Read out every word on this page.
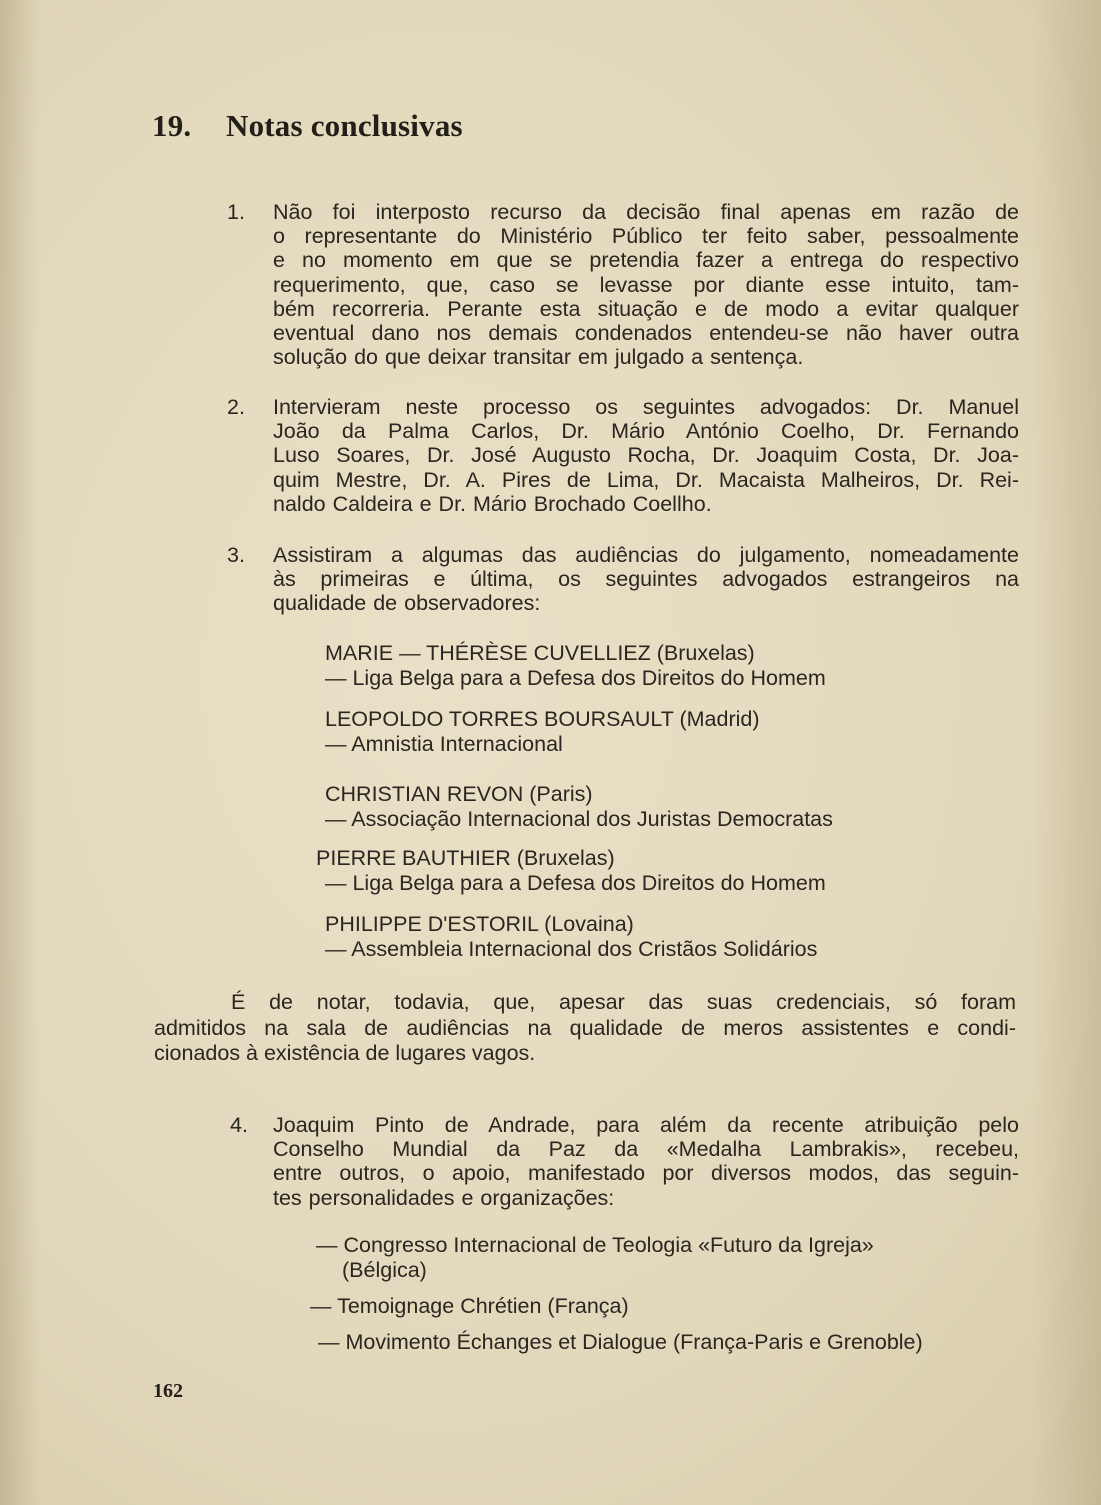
19. Notas conclusivas
1. Não foi interposto recurso da decisão final apenas em razão de
o representante do Ministério Público ter feito saber, pessoalmente
e no momento em que se pretendia fazer a entrega do respectivo
requerimento, que, caso se levasse por diante esse intuito, tam-
bém recorreria. Perante esta situação e de modo a evitar qualquer
eventual dano nos demais condenados entendeu-se não haver outra
solução do que deixar transitar em julgado a sentença.
2. Intervieram neste processo os seguintes advogados: Dr. Manuel
João da Palma Carlos, Dr. Mário António Coelho, Dr. Fernando
Luso Soares, Dr. José Augusto Rocha, Dr. Joaquim Costa, Dr. Joa-
quim Mestre, Dr. A. Pires de Lima, Dr. Macaista Malheiros, Dr. Rei-
naldo Caldeira e Dr. Mário Brochado Coellho.
3. Assistiram a algumas das audiências do julgamento, nomeadamente
às primeiras e última, os seguintes advogados estrangeiros na
qualidade de observadores:
MARIE — THÉRÈSE CUVELLIEZ (Bruxelas)
— Liga Belga para a Defesa dos Direitos do Homem
LEOPOLDO TORRES BOURSAULT (Madrid)
— Amnistia Internacional
CHRISTIAN REVON (Paris)
— Associação Internacional dos Juristas Democratas
PIERRE BAUTHIER (Bruxelas)
— Liga Belga para a Defesa dos Direitos do Homem
PHILIPPE D'ESTORIL (Lovaina)
— Assembleia Internacional dos Cristãos Solidários
É de notar, todavia, que, apesar das suas credenciais, só foram
admitidos na sala de audiências na qualidade de meros assistentes e condi-
cionados à existência de lugares vagos.
4. Joaquim Pinto de Andrade, para além da recente atribuição pelo
Conselho Mundial da Paz da «Medalha Lambrakis», recebeu,
entre outros, o apoio, manifestado por diversos modos, das seguin-
tes personalidades e organizações:
— Congresso Internacional de Teologia «Futuro da Igreja»
(Bélgica)
— Temoignage Chrétien (França)
— Movimento Échanges et Dialogue (França-Paris e Grenoble)
162
